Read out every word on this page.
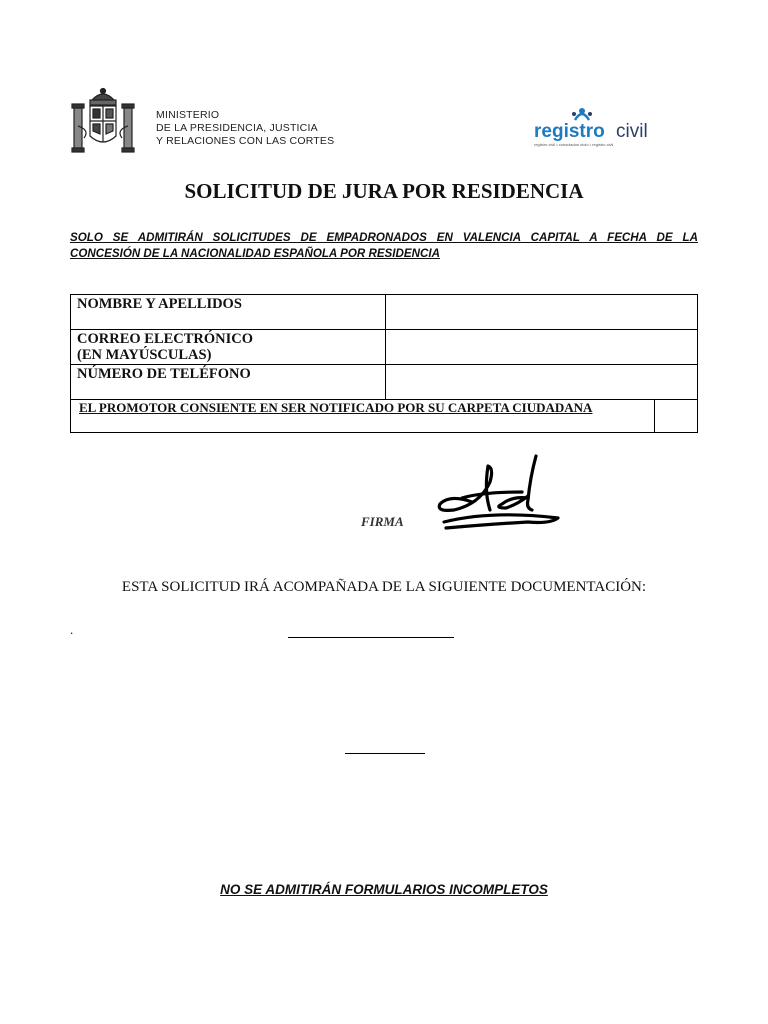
MINISTERIO
DE LA PRESIDENCIA, JUSTICIA
Y RELACIONES CON LAS CORTES	registro civil
registro civil • consulados ololo • registro civil
SOLICITUD DE JURA POR RESIDENCIA
SOLO SE ADMITIRÁN SOLICITUDES DE EMPADRONADOS EN VALENCIA CAPITAL A FECHA DE LA
CONCESIÓN DE LA NACIONALIDAD ESPAÑOLA POR RESIDENCIA
NOMBRE Y APELLIDOS	

CORREO ELECTRÓNICO
(EN MAYÚSCULAS)	

NÚMERO DE TELÉFONO	

EL PROMOTOR CONSIENTE EN SER NOTIFICADO POR SU CARPETA CIUDADANA	
FIRMA
ESTA SOLICITUD IRÁ ACOMPAÑADA DE LA SIGUIENTE DOCUMENTACIÓN:
.
NO SE ADMITIRÁN FORMULARIOS INCOMPLETOS
